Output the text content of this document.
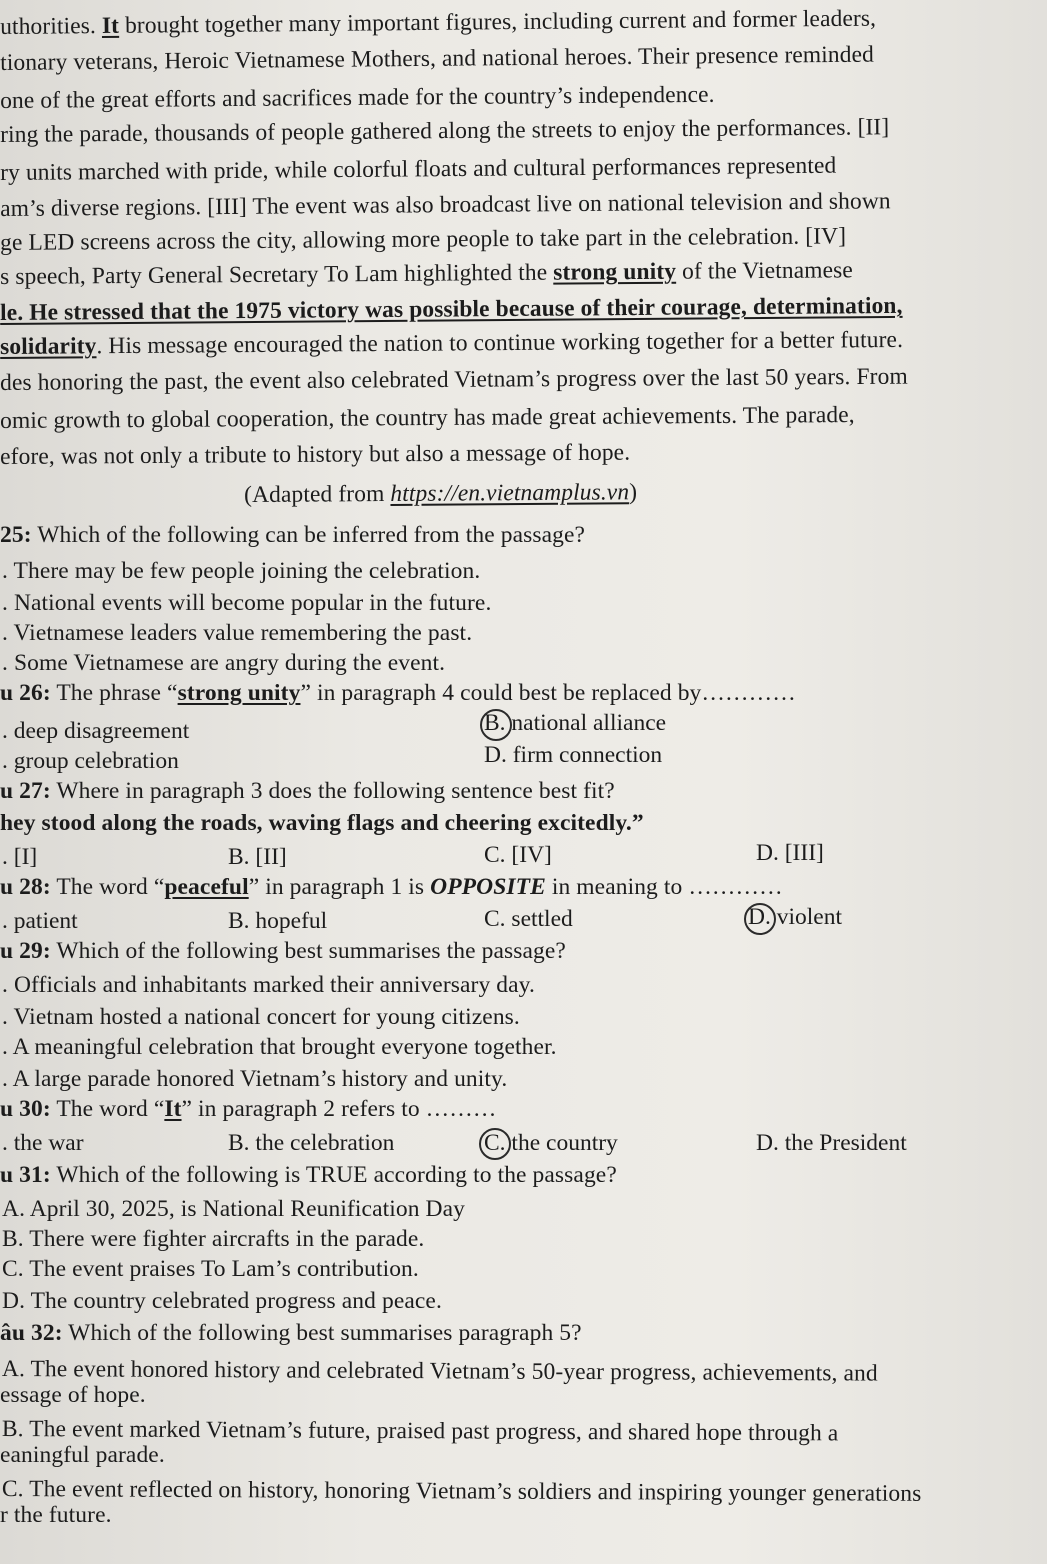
uthorities. It brought together many important figures, including current and former leaders,
tionary veterans, Heroic Vietnamese Mothers, and national heroes. Their presence reminded
one of the great efforts and sacrifices made for the country’s independence.
ring the parade, thousands of people gathered along the streets to enjoy the performances. [II]
ry units marched with pride, while colorful floats and cultural performances represented
am’s diverse regions. [III] The event was also broadcast live on national television and shown
ge LED screens across the city, allowing more people to take part in the celebration. [IV]
s speech, Party General Secretary To Lam highlighted the strong unity of the Vietnamese
le. He stressed that the 1975 victory was possible because of their courage, determination,
solidarity. His message encouraged the nation to continue working together for a better future.
des honoring the past, the event also celebrated Vietnam’s progress over the last 50 years. From
omic growth to global cooperation, the country has made great achievements. The parade,
efore, was not only a tribute to history but also a message of hope.
(Adapted from https://en.vietnamplus.vn)
25: Which of the following can be inferred from the passage?
. There may be few people joining the celebration.
. National events will become popular in the future.
. Vietnamese leaders value remembering the past.
. Some Vietnamese are angry during the event.
u 26: The phrase “strong unity” in paragraph 4 could best be replaced by…………
. deep disagreement	B. national alliance
. group celebration	D. firm connection
u 27: Where in paragraph 3 does the following sentence best fit?
hey stood along the roads, waving flags and cheering excitedly.”
. [I]	B. [II]	C. [IV]	D. [III]
u 28: The word “peaceful” in paragraph 1 is OPPOSITE in meaning to …………
. patient	B. hopeful	C. settled	D. violent
u 29: Which of the following best summarises the passage?
. Officials and inhabitants marked their anniversary day.
. Vietnam hosted a national concert for young citizens.
. A meaningful celebration that brought everyone together.
. A large parade honored Vietnam’s history and unity.
u 30: The word “It” in paragraph 2 refers to ………
. the war	B. the celebration	C. the country	D. the President
u 31: Which of the following is TRUE according to the passage?
A. April 30, 2025, is National Reunification Day
B. There were fighter aircrafts in the parade.
C. The event praises To Lam’s contribution.
D. The country celebrated progress and peace.
âu 32: Which of the following best summarises paragraph 5?
A. The event honored history and celebrated Vietnam’s 50-year progress, achievements, and
essage of hope.
B. The event marked Vietnam’s future, praised past progress, and shared hope through a
eaningful parade.
C. The event reflected on history, honoring Vietnam’s soldiers and inspiring younger generations
r the future.
